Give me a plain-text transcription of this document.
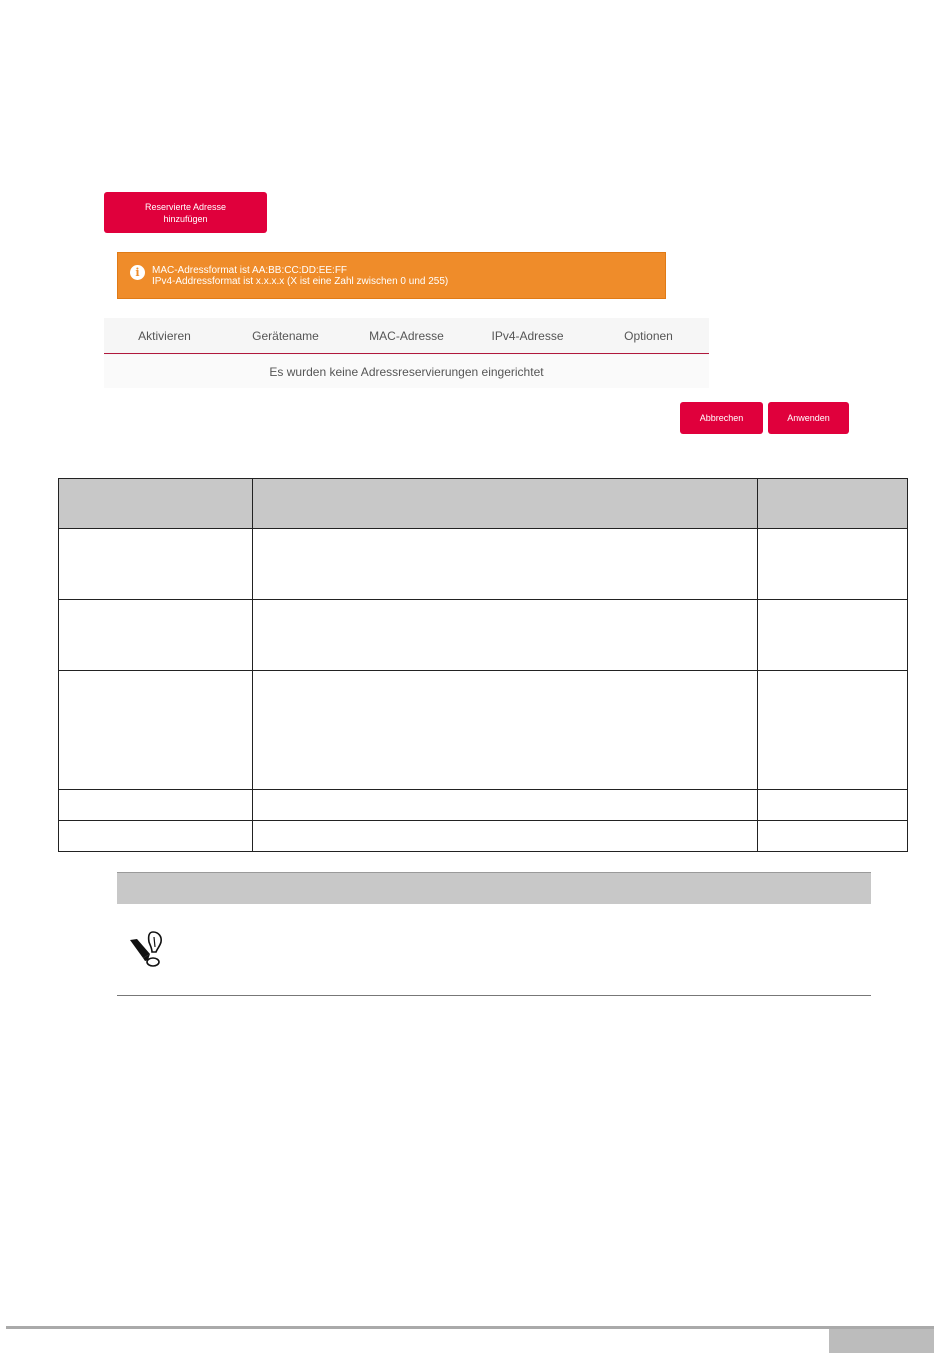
Reservierte Adresse
hinzufügen
i	MAC-Adressformat ist AA:BB:CC:DD:EE:FF
IPv4-Addressformat ist x.x.x.x (X ist eine Zahl zwischen 0 und 255)
Aktivieren	Gerätename	MAC-Adresse	IPv4-Adresse	Optionen
Es wurden keine Adressreservierungen eingerichtet
Abbrechen	Anwenden
